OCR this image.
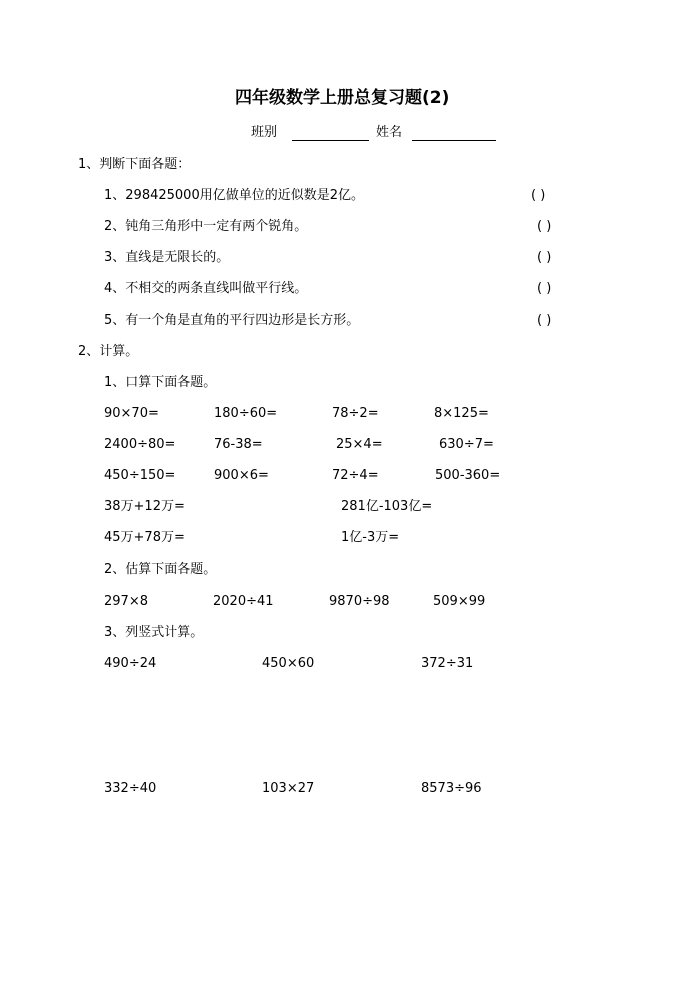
四年级数学上册总复习题(2)
班别	姓名
1、判断下面各题：
1、298425000用亿做单位的近似数是2亿。	( )
2、钝角三角形中一定有两个锐角。	( )
3、直线是无限长的。	( )
4、不相交的两条直线叫做平行线。	( )
5、有一个角是直角的平行四边形是长方形。	( )
2、计算。
1、口算下面各题。
90×70=	180÷60=	78÷2=	8×125=
2400÷80=	76-38=	25×4=	630÷7=
450÷150=	900×6=	72÷4=	500-360=
38万+12万=	281亿-103亿=
45万+78万=	1亿-3万=
2、估算下面各题。
297×8	2020÷41	9870÷98	509×99
3、列竖式计算。
490÷24	450×60	372÷31
332÷40	103×27	8573÷96
